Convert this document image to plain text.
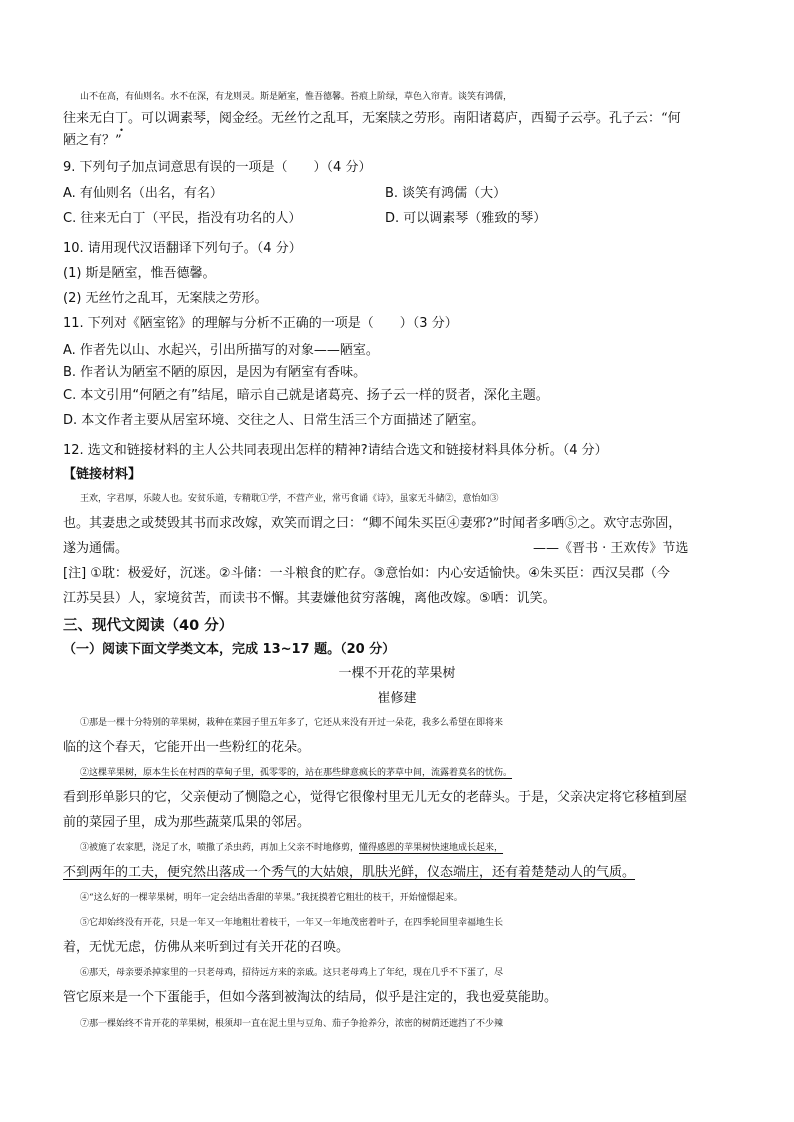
山不在高，有仙则名。水不在深，有龙则灵。斯是陋室，惟吾德馨。苔痕上阶绿，草色入帘青。谈笑有鸿儒，
往来无白丁。可以调素琴，阅金经。无丝竹之乱耳，无案牍之劳形。南阳诸葛庐，西蜀子云亭。孔子云：“何
陋之有？”
9. 下列句子加点词意思有误的一项是（　　）（4 分）
A. 有仙则名（出名，有名）	B. 谈笑有鸿儒（大）
C. 往来无白丁（平民，指没有功名的人）	D. 可以调素琴（雅致的琴）
10. 请用现代汉语翻译下列句子。（4 分）
(1) 斯是陋室，惟吾德馨。
(2) 无丝竹之乱耳，无案牍之劳形。
11. 下列对《陋室铭》的理解与分析不正确的一项是（　　）（3 分）
A. 作者先以山、水起兴，引出所描写的对象——陋室。
B. 作者认为陋室不陋的原因，是因为有陋室有香味。
C. 本文引用“何陋之有”结尾，暗示自己就是诸葛亮、扬子云一样的贤者，深化主题。
D. 本文作者主要从居室环境、交往之人、日常生活三个方面描述了陋室。
12. 选文和链接材料的主人公共同表现出怎样的精神?请结合选文和链接材料具体分析。（4 分）
【链接材料】
王欢，字君厚，乐陵人也。安贫乐道，专精耽①学，不营产业，常丐食诵《诗》，虽家无斗储②，意怡如③
也。其妻患之或焚毁其书而求改嫁，欢笑而谓之曰：“卿不闻朱买臣④妻邪?”时闻者多哂⑤之。欢守志弥固，
遂为通儒。	——《晋书 · 王欢传》节选
[注] ①耽：极爱好，沉迷。②斗储：一斗粮食的贮存。③意怡如：内心安适愉快。④朱买臣：西汉吴郡（今
江苏吴县）人，家境贫苦，而读书不懈。其妻嫌他贫穷落魄，离他改嫁。⑤哂：讥笑。
三、现代文阅读（40 分）
（一）阅读下面文学类文本，完成 13~17 题。（20 分）
一棵不开花的苹果树
崔修建
①那是一棵十分特别的苹果树，栽种在菜园子里五年多了，它还从来没有开过一朵花，我多么希望在即将来
临的这个春天，它能开出一些粉红的花朵。
②这棵苹果树，原本生长在村西的草甸子里，孤零零的，站在那些肆意疯长的茅草中间，流露着莫名的忧伤。
看到形单影只的它，父亲便动了恻隐之心，觉得它很像村里无儿无女的老薛头。于是，父亲决定将它移植到屋
前的菜园子里，成为那些蔬菜瓜果的邻居。
③被施了农家肥，浇足了水，喷撒了杀虫药，再加上父亲不时地修剪，懂得感恩的苹果树快速地成长起来，
不到两年的工夫，便究然出落成一个秀气的大姑娘，肌肤光鲜，仪态端庄，还有着楚楚动人的气质。
④“这么好的一棵苹果树，明年一定会结出香甜的苹果。”我抚摸着它粗壮的枝干，开始憧憬起来。
⑤它却始终没有开花，只是一年又一年地粗壮着枝干，一年又一年地茂密着叶子，在四季轮回里幸福地生长
着，无忧无虑，仿佛从来听到过有关开花的召唤。
⑥那天，母亲要杀掉家里的一只老母鸡，招待远方来的亲戚。这只老母鸡上了年纪，现在几乎不下蛋了，尽
管它原来是一个下蛋能手，但如今落到被淘汰的结局，似乎是注定的，我也爱莫能助。
⑦那一棵始终不肯开花的苹果树，根须却一直在泥土里与豆角、茄子争抢养分，浓密的树荫还遮挡了不少辣
